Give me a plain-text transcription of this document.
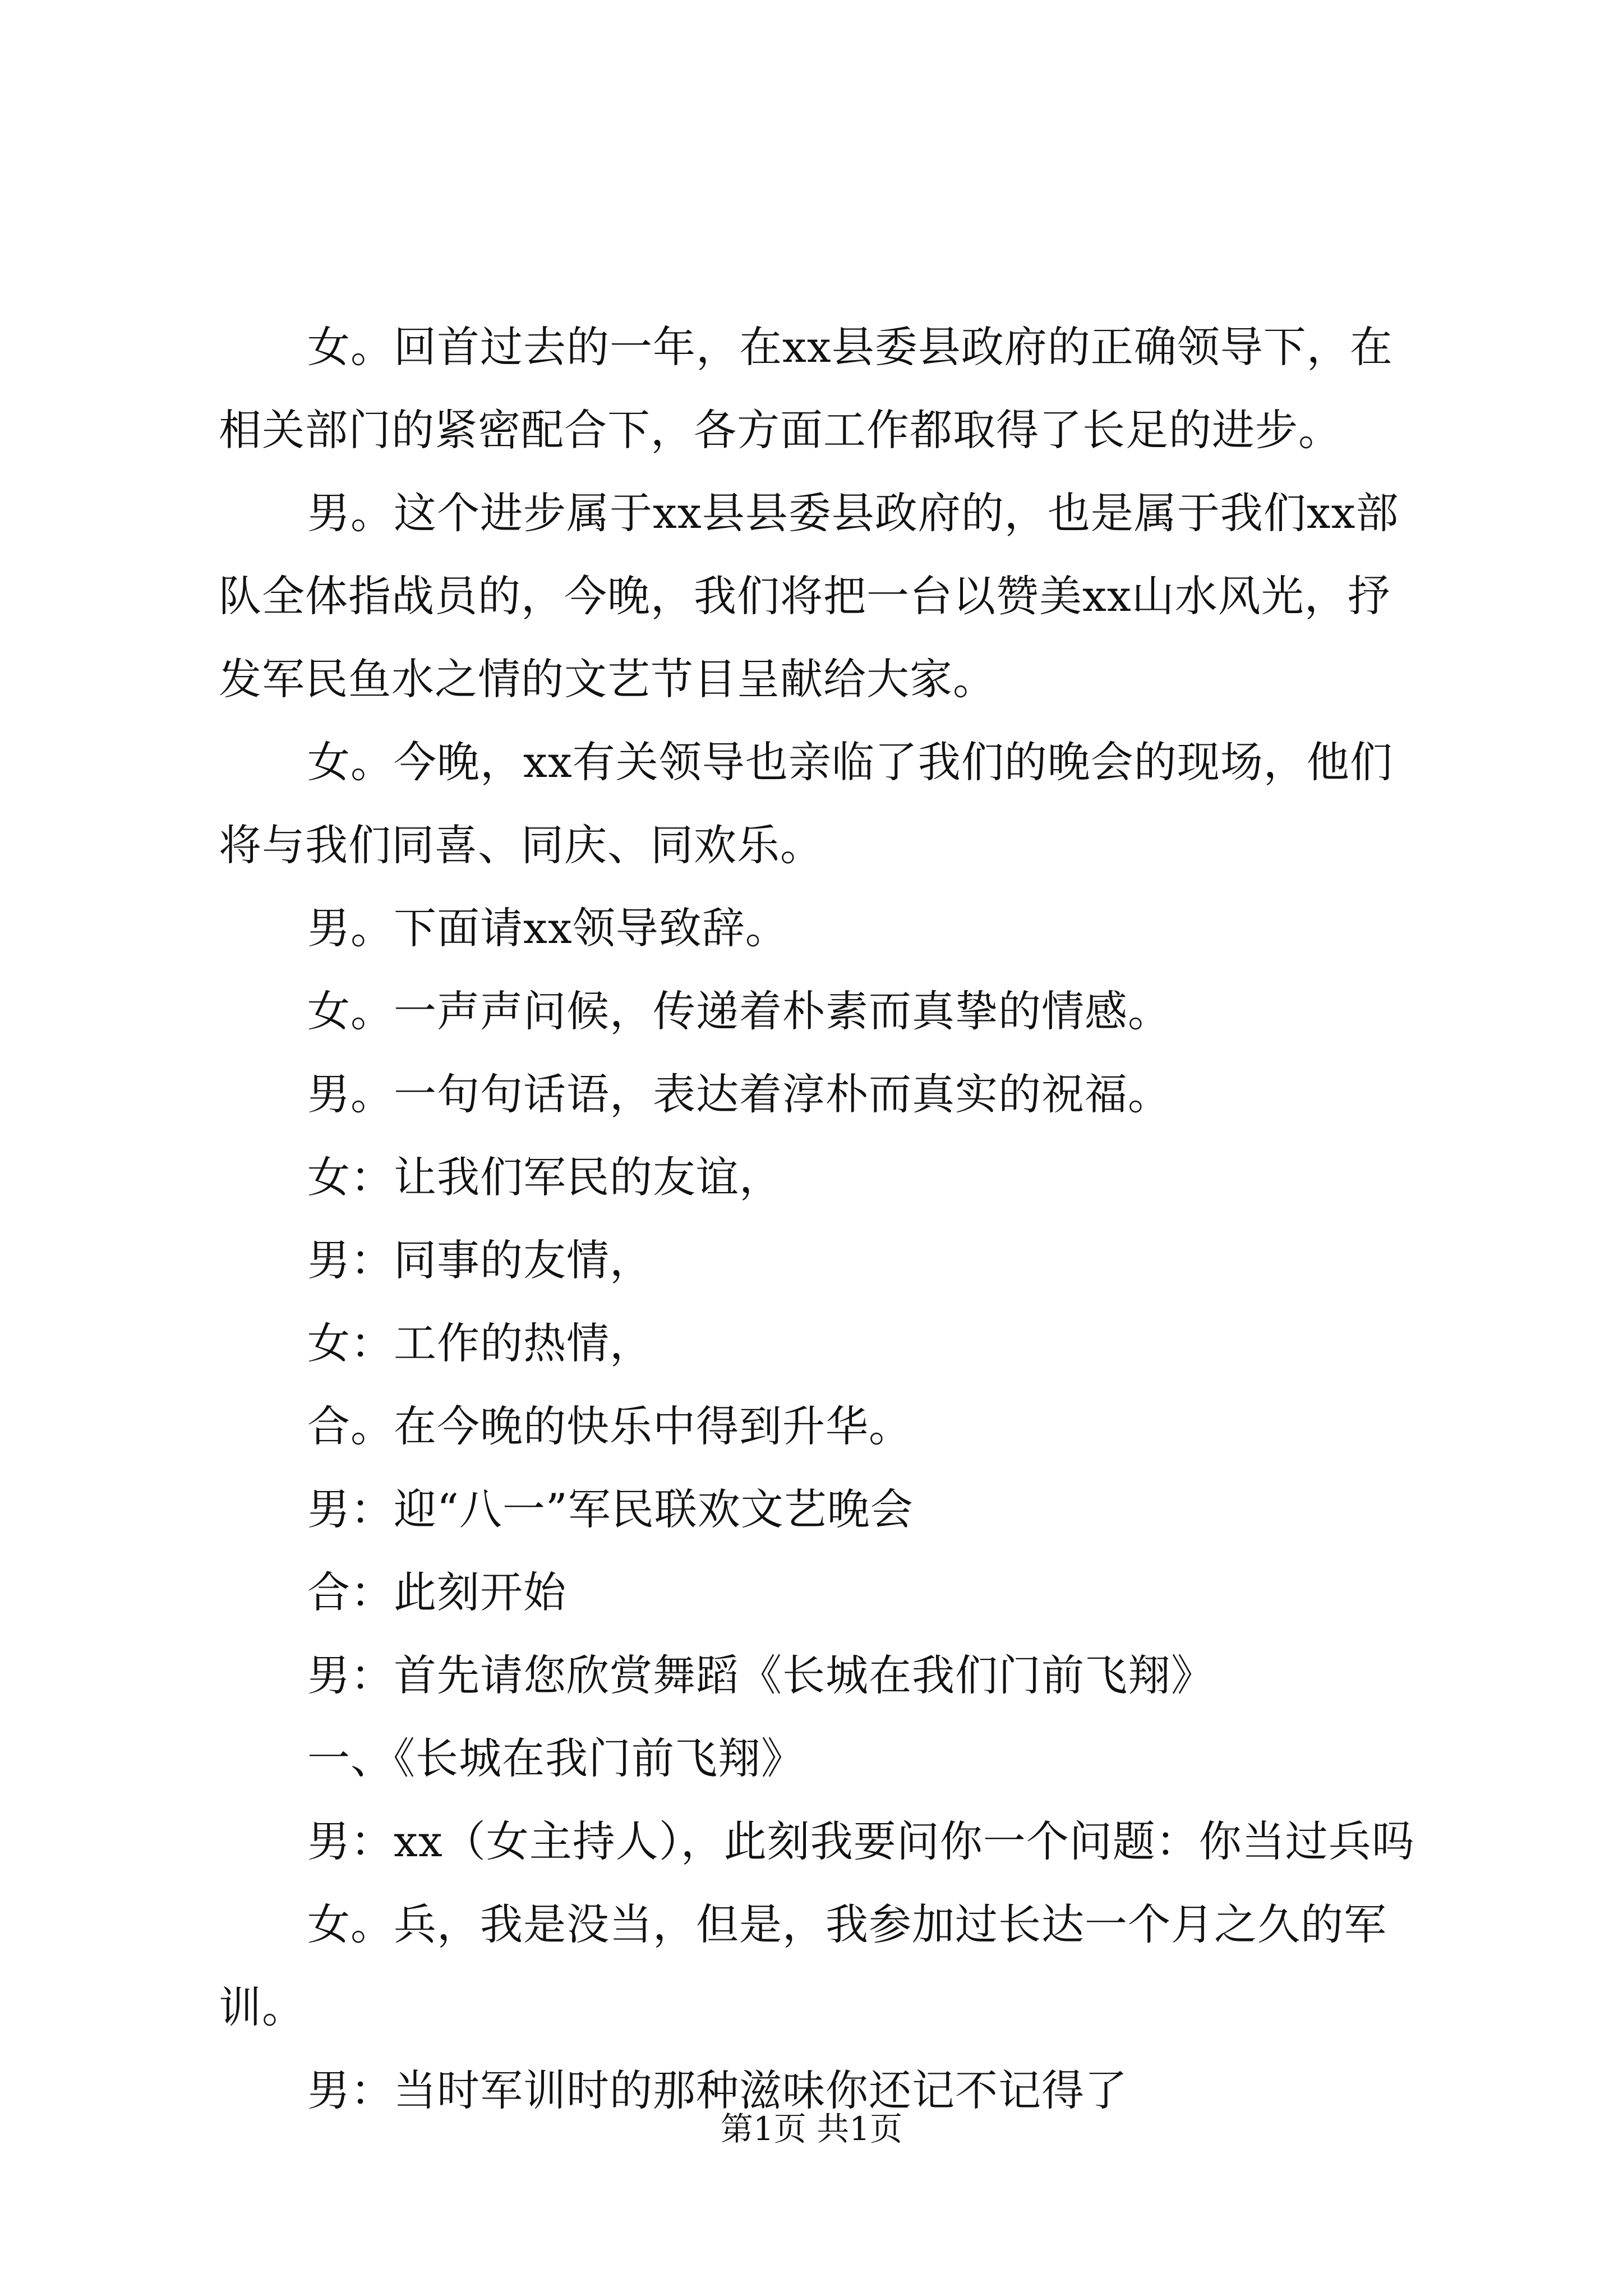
女。回首过去的一年，在xx县委县政府的正确领导下，在相关部门的紧密配合下，各方面工作都取得了长足的进步。

男。这个进步属于xx县县委县政府的，也是属于我们xx部队全体指战员的，今晚，我们将把一台以赞美xx山水风光，抒发军民鱼水之情的文艺节目呈献给大家。

女。今晚，xx有关领导也亲临了我们的晚会的现场，他们将与我们同喜、同庆、同欢乐。

男。下面请xx领导致辞。

女。一声声问候，传递着朴素而真挚的情感。

男。一句句话语，表达着淳朴而真实的祝福。

女：让我们军民的友谊，

男：同事的友情，

女：工作的热情，

合。在今晚的快乐中得到升华。

男：迎“八一”军民联欢文艺晚会

合：此刻开始

男：首先请您欣赏舞蹈《长城在我们门前飞翔》

一、《长城在我门前飞翔》

男：xx（女主持人），此刻我要问你一个问题：你当过兵吗

女。兵，我是没当，但是，我参加过长达一个月之久的军训。

男：当时军训时的那种滋味你还记不记得了

第1页 共1页
